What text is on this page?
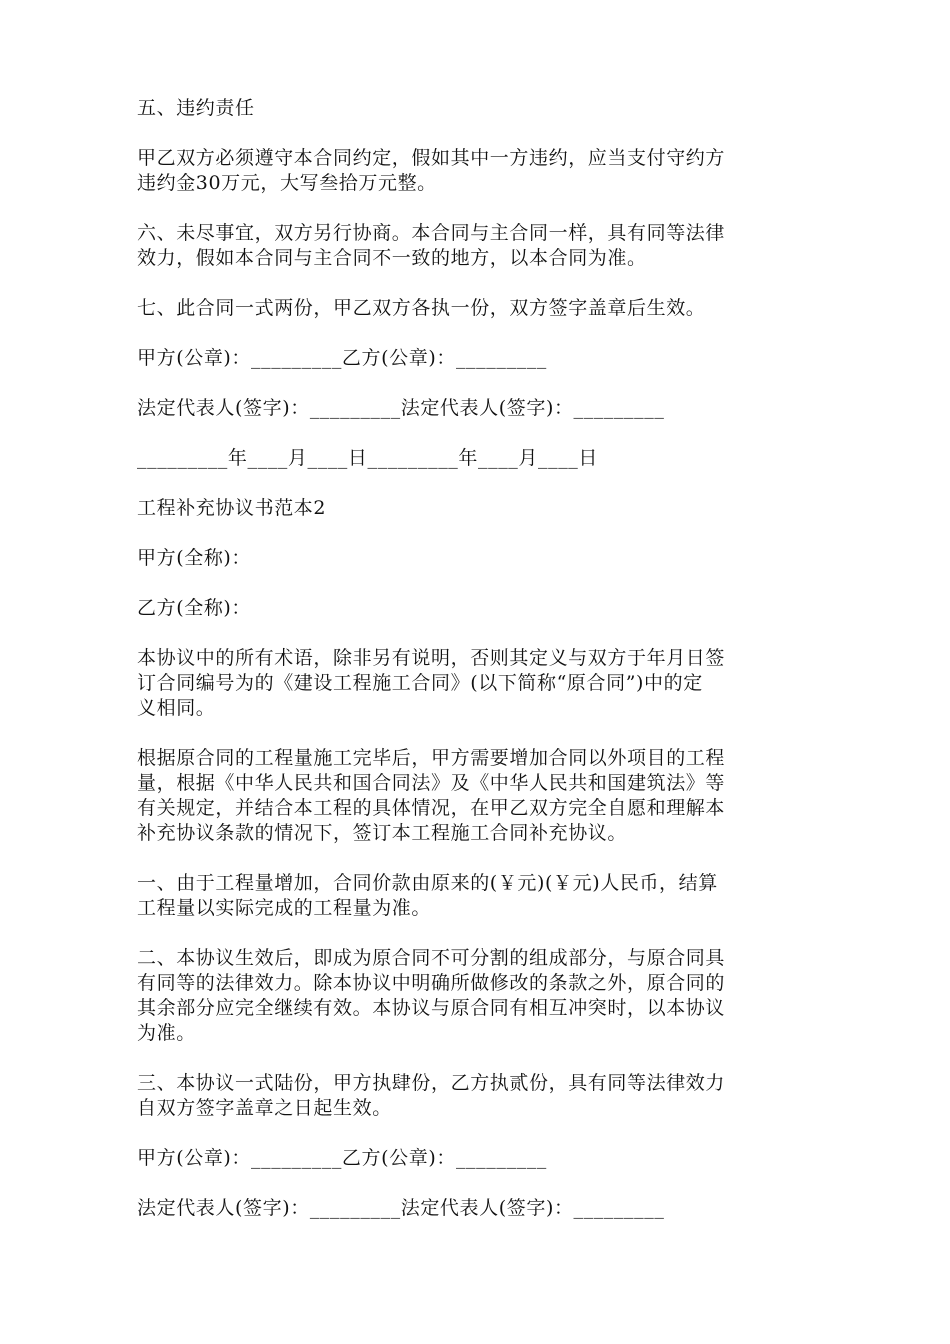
五、违约责任

甲乙双方必须遵守本合同约定，假如其中一方违约，应当支付守约方
违约金30万元，大写叁拾万元整。

六、未尽事宜，双方另行协商。本合同与主合同一样，具有同等法律
效力，假如本合同与主合同不一致的地方，以本合同为准。

七、此合同一式两份，甲乙双方各执一份，双方签字盖章后生效。

甲方(公章)：_________乙方(公章)：_________

法定代表人(签字)：_________法定代表人(签字)：_________

_________年____月____日_________年____月____日

工程补充协议书范本2

甲方(全称)：

乙方(全称)：

本协议中的所有术语，除非另有说明，否则其定义与双方于年月日签
订合同编号为的《建设工程施工合同》(以下简称“原合同”)中的定
义相同。

根据原合同的工程量施工完毕后，甲方需要增加合同以外项目的工程
量，根据《中华人民共和国合同法》及《中华人民共和国建筑法》等
有关规定，并结合本工程的具体情况，在甲乙双方完全自愿和理解本
补充协议条款的情况下，签订本工程施工合同补充协议。

一、由于工程量增加，合同价款由原来的(￥元)(￥元)人民币，结算
工程量以实际完成的工程量为准。

二、本协议生效后，即成为原合同不可分割的组成部分，与原合同具
有同等的法律效力。除本协议中明确所做修改的条款之外，原合同的
其余部分应完全继续有效。本协议与原合同有相互冲突时，以本协议
为准。

三、本协议一式陆份，甲方执肆份，乙方执贰份，具有同等法律效力
自双方签字盖章之日起生效。

甲方(公章)：_________乙方(公章)：_________

法定代表人(签字)：_________法定代表人(签字)：_________
